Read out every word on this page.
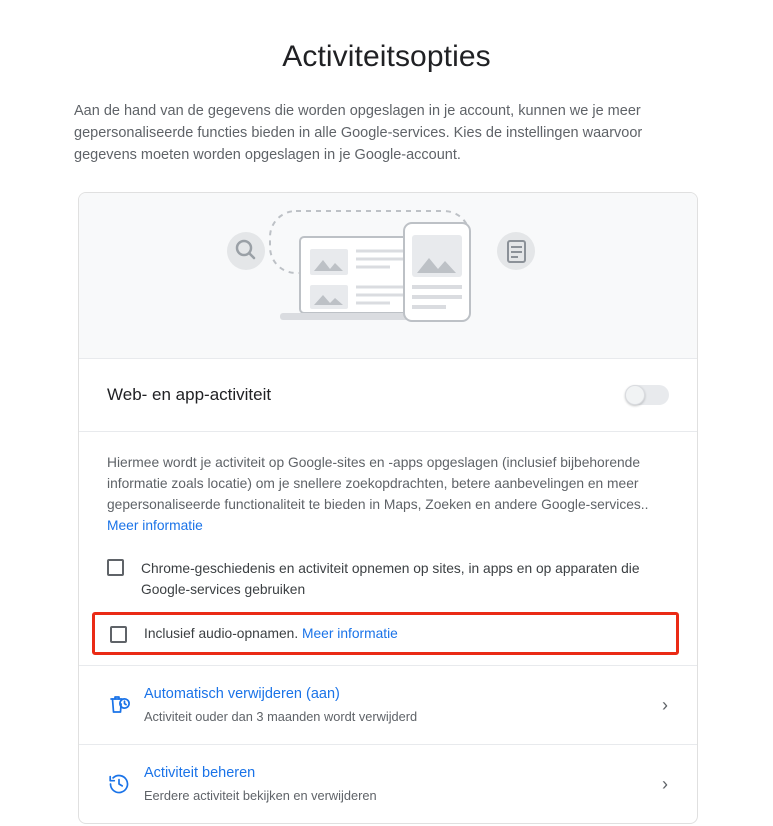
Activiteitsopties
Aan de hand van de gegevens die worden opgeslagen in je account, kunnen we je meer gepersonaliseerde functies bieden in alle Google-services. Kies de instellingen waarvoor gegevens moeten worden opgeslagen in je Google-account.
Web- en app-activiteit
Hiermee wordt je activiteit op Google-sites en -apps opgeslagen (inclusief bijbehorende informatie zoals locatie) om je snellere zoekopdrachten, betere aanbevelingen en meer gepersonaliseerde functionaliteit te bieden in Maps, Zoeken en andere Google-services.. Meer informatie
Chrome-geschiedenis en activiteit opnemen op sites, in apps en op apparaten die Google-services gebruiken
Inclusief audio-opnamen. Meer informatie
Automatisch verwijderen (aan)
Activiteit ouder dan 3 maanden wordt verwijderd
›
Activiteit beheren
Eerdere activiteit bekijken en verwijderen
›
